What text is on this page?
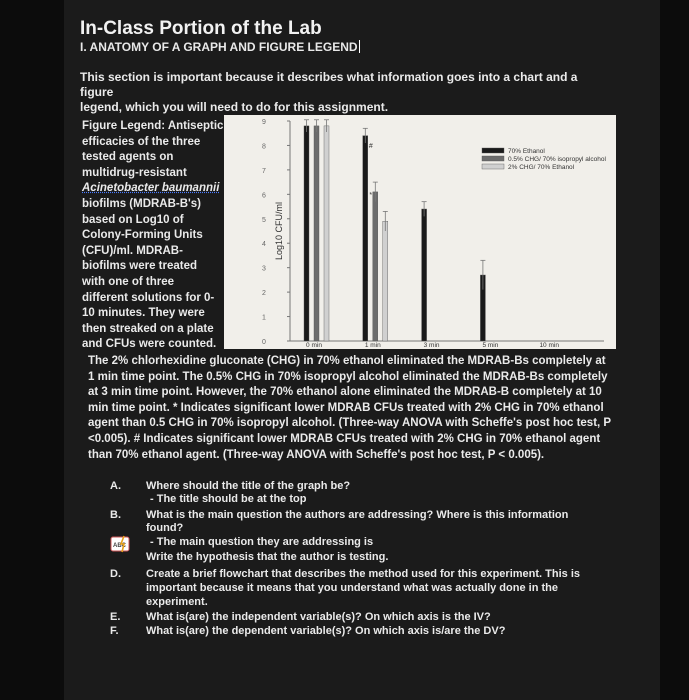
In-Class Portion of the Lab
I. ANATOMY OF A GRAPH AND FIGURE LEGEND
This section is important because it describes what information goes into a chart and a figure
legend, which you will need to do for this assignment.
Figure Legend: Antiseptic
efficacies of the three
tested agents on
multidrug-resistant
Acinetobacter baumannii
biofilms (MDRAB-B's)
based on Log10 of
Colony-Forming Units
(CFU)/ml. MDRAB-
biofilms were treated
with one of three
different solutions for 0-
10 minutes. They were
then streaked on a plate
and CFUs were counted.	0
1
2
3
4
5
6
7
8
9
Log10 CFU/ml
0 min	1 min	3 min	5 min	10 min
#
*
70% Ethanol
0.5% CHG/ 70% isopropyl alcohol
2% CHG/ 70% Ethanol
The 2% chlorhexidine gluconate (CHG) in 70% ethanol eliminated the MDRAB-Bs completely at
1 min time point. The 0.5% CHG in 70% isopropyl alcohol eliminated the MDRAB-Bs completely
at 3 min time point. However, the 70% ethanol alone eliminated the MDRAB-B completely at 10
min time point. * Indicates significant lower MDRAB CFUs treated with 2% CHG in 70% ethanol
agent than 0.5 CHG in 70% isopropyl alcohol. (Three-way ANOVA with Scheffe's post hoc test, P
<0.005). # Indicates significant lower MDRAB CFUs treated with 2% CHG in 70% ethanol agent
than 70% ethanol agent. (Three-way ANOVA with Scheffe's post hoc test, P < 0.005).
A. Where should the title of the graph be?
- The title should be at the top
B. What is the main question the authors are addressing? Where is this information
found?
- The main question they are addressing is
Write the hypothesis that the author is testing.
D. Create a brief flowchart that describes the method used for this experiment. This is
important because it means that you understand what was actually done in the
experiment.
E. What is(are) the independent variable(s)? On which axis is the IV?
F. What is(are) the dependent variable(s)? On which axis is/are the DV?
ABC
